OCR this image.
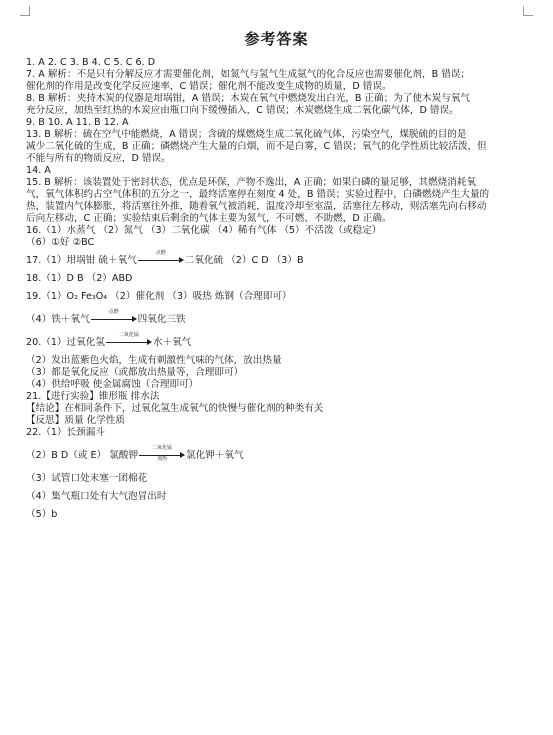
参考答案
1. A 2. C 3. B 4. C 5. C 6. D
7. A 解析：不是只有分解反应才需要催化剂，如氮气与氢气生成氨气的化合反应也需要催化剂，B 错误；
催化剂的作用是改变化学反应速率，C 错误；催化剂不能改变生成物的质量，D 错误。
8. B 解析：夹持木炭的仪器是坩埚钳，A 错误；木炭在氧气中燃烧发出白光，B 正确；为了使木炭与氧气
充分反应，加热至红热的木炭应由瓶口向下缓慢插入，C 错误；木炭燃烧生成二氧化碳气体，D 错误。
9. B 10. A 11. B 12. A
13. B 解析：硫在空气中能燃烧，A 错误；含硫的煤燃烧生成二氧化硫气体，污染空气，煤脱硫的目的是
减少二氧化硫的生成，B 正确；磷燃烧产生大量的白烟，而不是白雾，C 错误；氧气的化学性质比较活泼，但
不能与所有的物质反应，D 错误。
14. A
15. B 解析：该装置处于密封状态，优点是环保，产物不逸出，A 正确；如果白磷的量足够，其燃烧消耗氧
气，氧气体积约占空气体积的五分之一，最终活塞停在刻度 4 处，B 错误；实验过程中，白磷燃烧产生大量的
热，装置内气体膨胀，将活塞往外推，随着氧气被消耗，温度冷却至室温，活塞往左移动，则活塞先向右移动
后向左移动，C 正确；实验结束后剩余的气体主要为氮气，不可燃、不助燃，D 正确。
16.（1）水蒸气 （2）氮气 （3）二氧化碳 （4）稀有气体 （5）不活泼（或稳定）
（6）①好 ②BC
17.（1）坩埚钳 硫＋氧气
点燃
二氧化硫 （2）C D （3）B
18.（1）D B （2）ABD
19.（1）O₂ Fe₃O₄ （2）催化剂 （3）吸热 炼钢（合理即可）
（4）铁＋氧气
点燃
四氧化三铁
20.（1）过氧化氢
二氧化锰
水＋氧气
（2）发出蓝紫色火焰，生成有刺激性气味的气体，放出热量
（3）都是氧化反应（或都放出热量等，合理即可）
（4）供给呼吸 使金属腐蚀（合理即可）
21.【进行实验】锥形瓶 排水法
【结论】在相同条件下，过氧化氢生成氧气的快慢与催化剂的种类有关
【反思】质量 化学性质
22.（1）长颈漏斗
（2）B D（或 E） 氯酸钾
二氧化锰
加热	氯化钾＋氧气
（3）试管口处未塞一团棉花
（4）集气瓶口处有大气泡冒出时
（5）b
